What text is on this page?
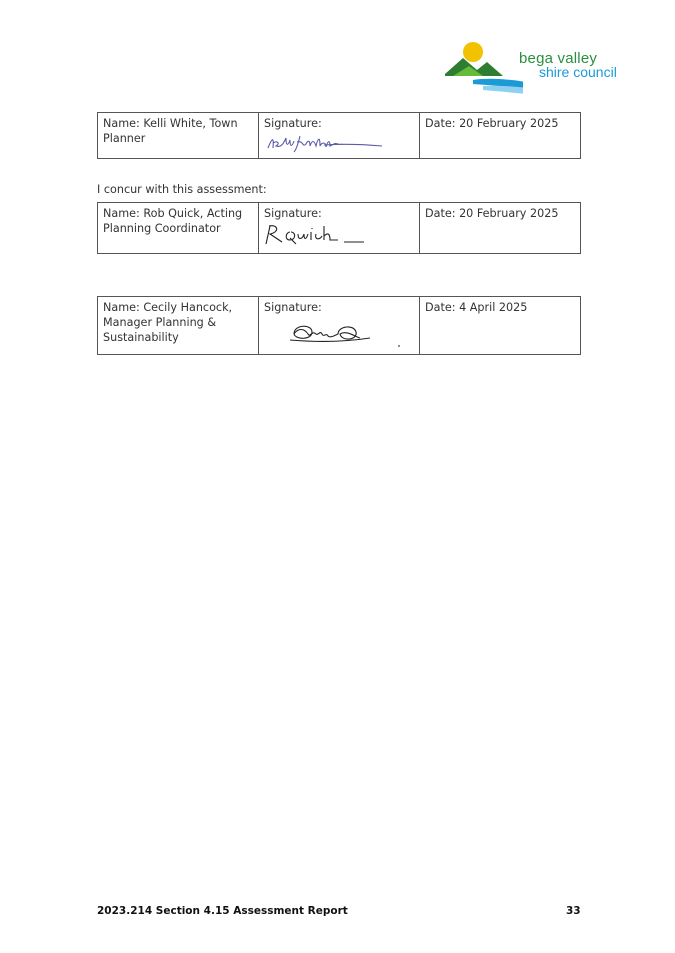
bega valley
shire council
Name: Kelli White, Town Planner	Signature:	Date: 20 February 2025
I concur with this assessment:
Name: Rob Quick, Acting Planning Coordinator	Signature:	Date: 20 February 2025
Name: Cecily Hancock, Manager Planning & Sustainability	Signature:	Date: 4 April 2025
2023.214 Section 4.15 Assessment Report	33
